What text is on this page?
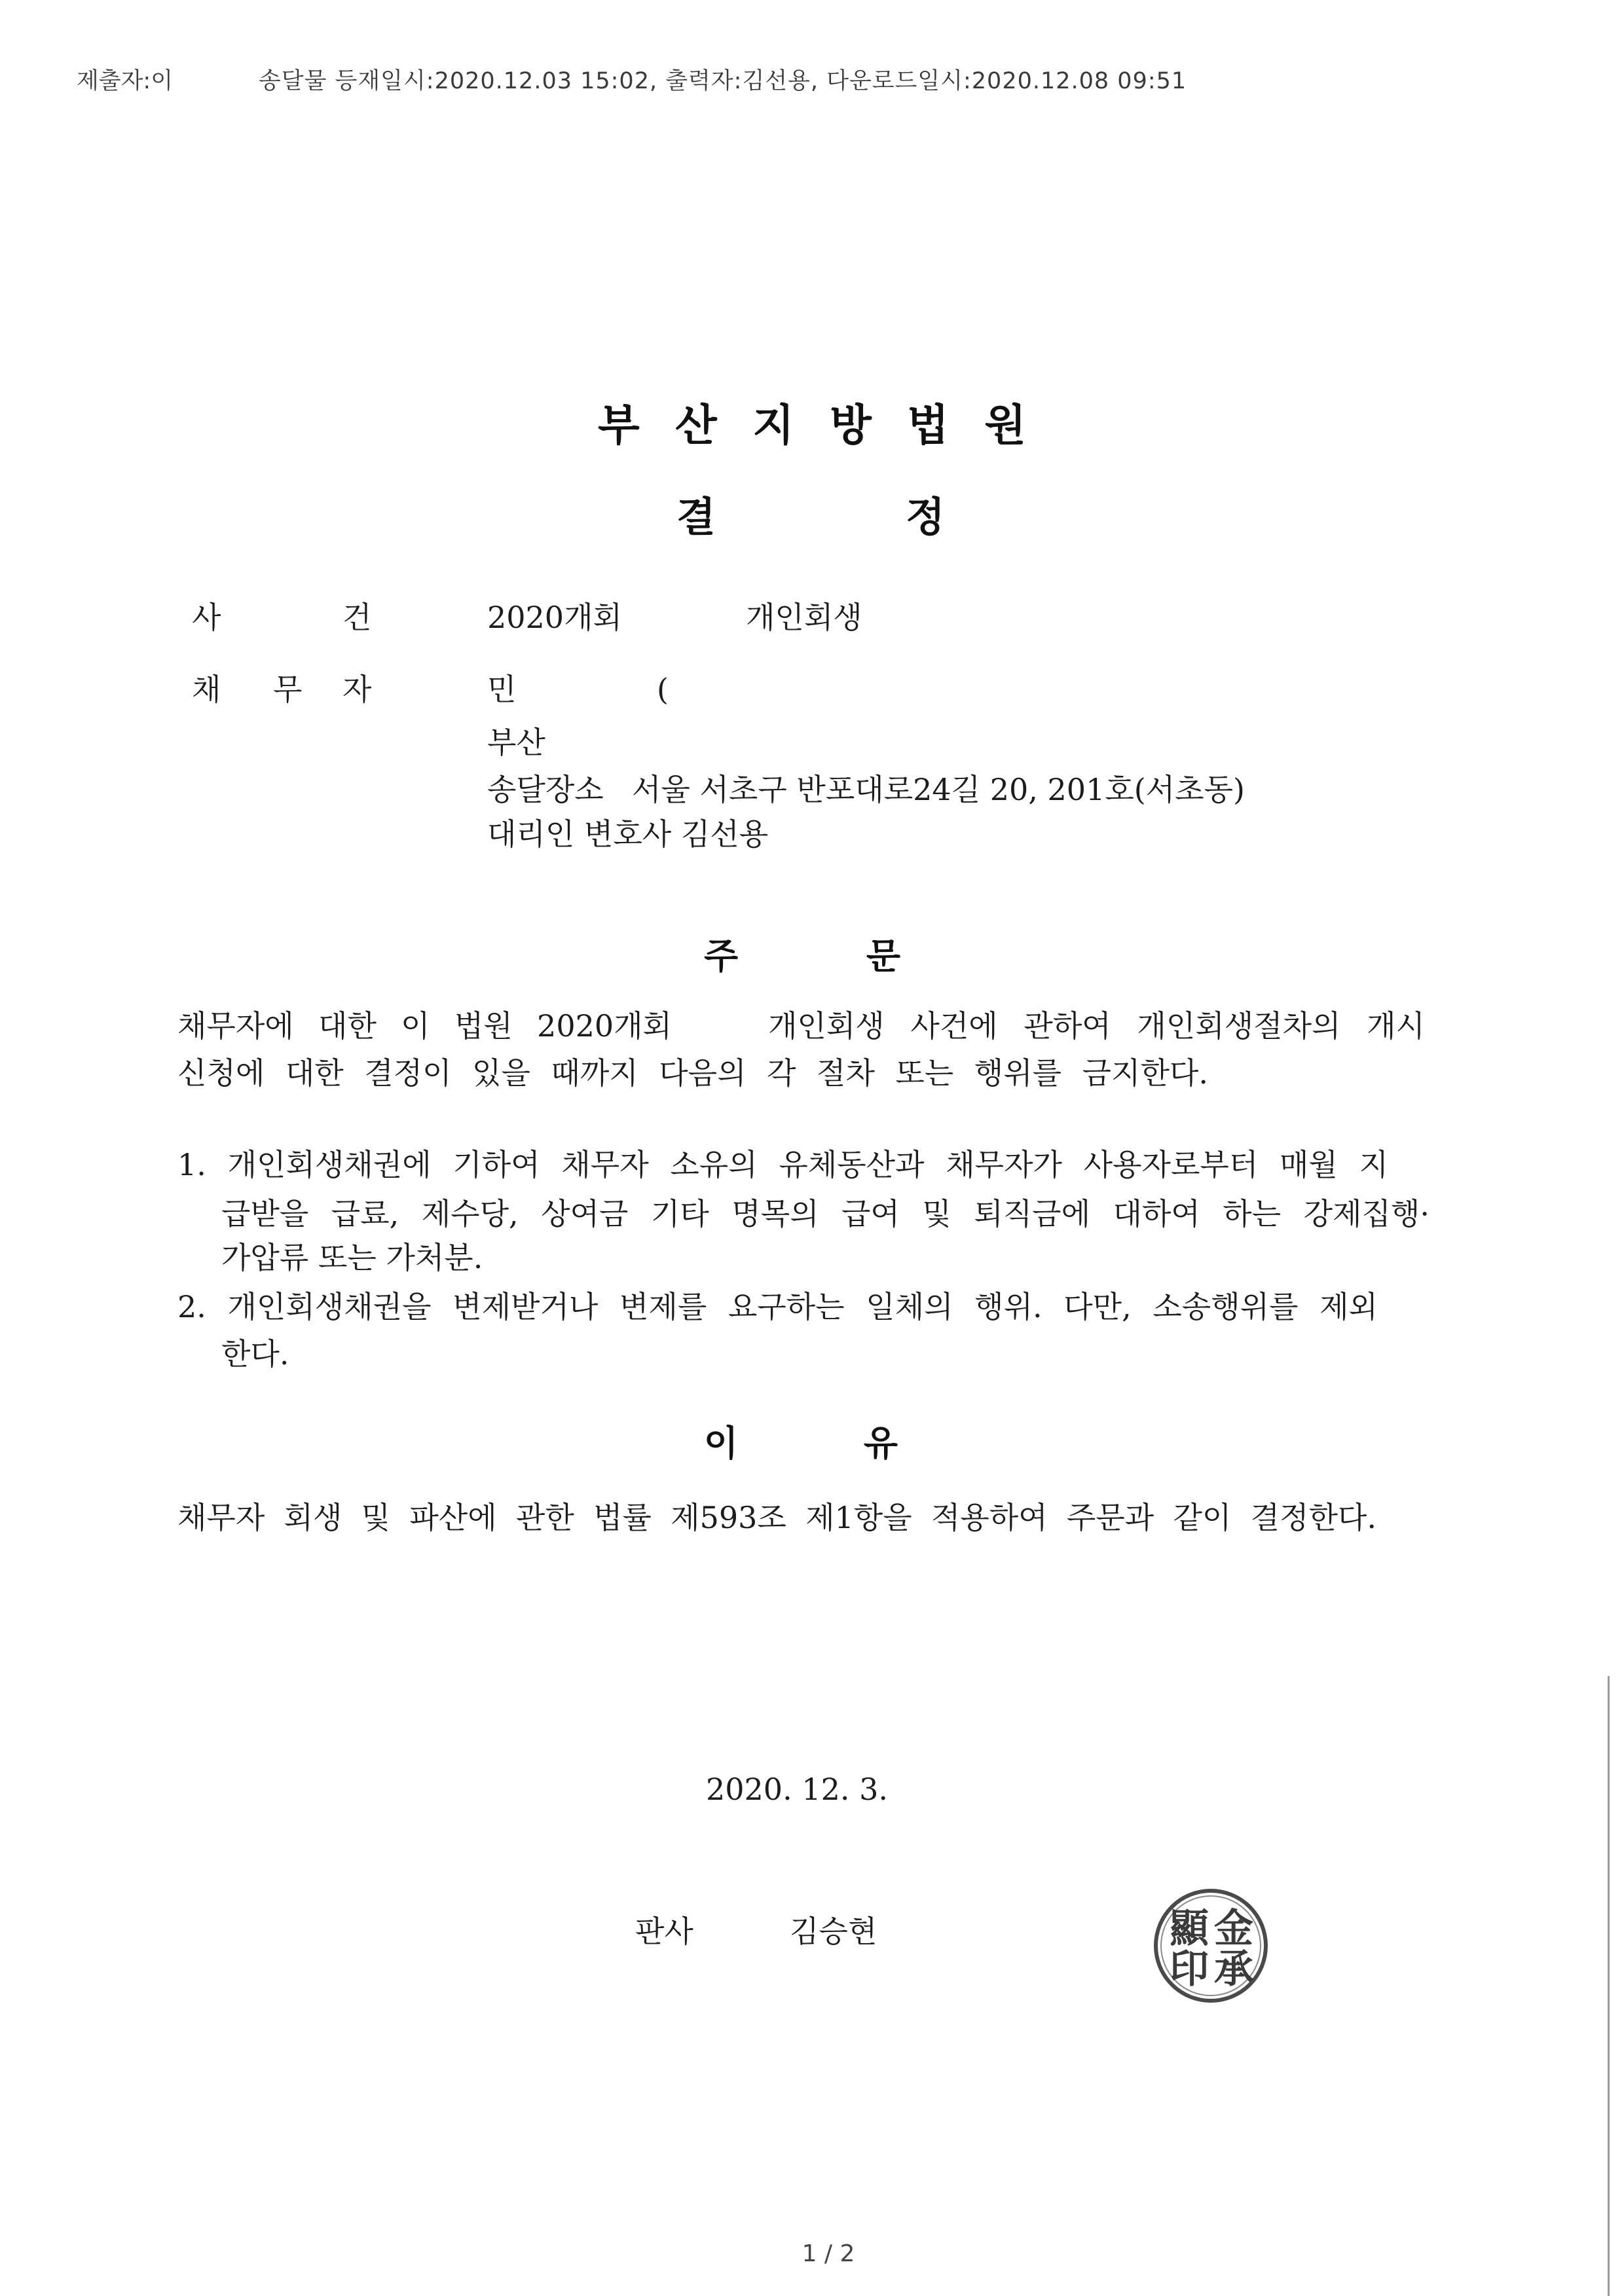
제출자:이	송달물 등재일시:2020.12.03 15:02, 출력자:김선용, 다운로드일시:2020.12.08 09:51
부 산 지 방 법 원
결 정
사	건	2020개회	개인회생
채 무 자	민	(
부산
송달장소 서울 서초구 반포대로24길 20, 201호(서초동)
대리인 변호사 김선용
주 문
채무자에 대한 이 법원 2020개회	개인회생 사건에 관하여 개인회생절차의 개시
신청에 대한 결정이 있을 때까지 다음의 각 절차 또는 행위를 금지한다.
1. 개인회생채권에 기하여 채무자 소유의 유체동산과 채무자가 사용자로부터 매월 지
급받을 급료, 제수당, 상여금 기타 명목의 급여 및 퇴직금에 대하여 하는 강제집행·
가압류 또는 가처분.
2. 개인회생채권을 변제받거나 변제를 요구하는 일체의 행위. 다만, 소송행위를 제외
한다.
이 유
채무자 회생 및 파산에 관한 법률 제593조 제1항을 적용하여 주문과 같이 결정한다.
2020. 12. 3.
판사	김승현	金
承
顯
印
1 / 2
